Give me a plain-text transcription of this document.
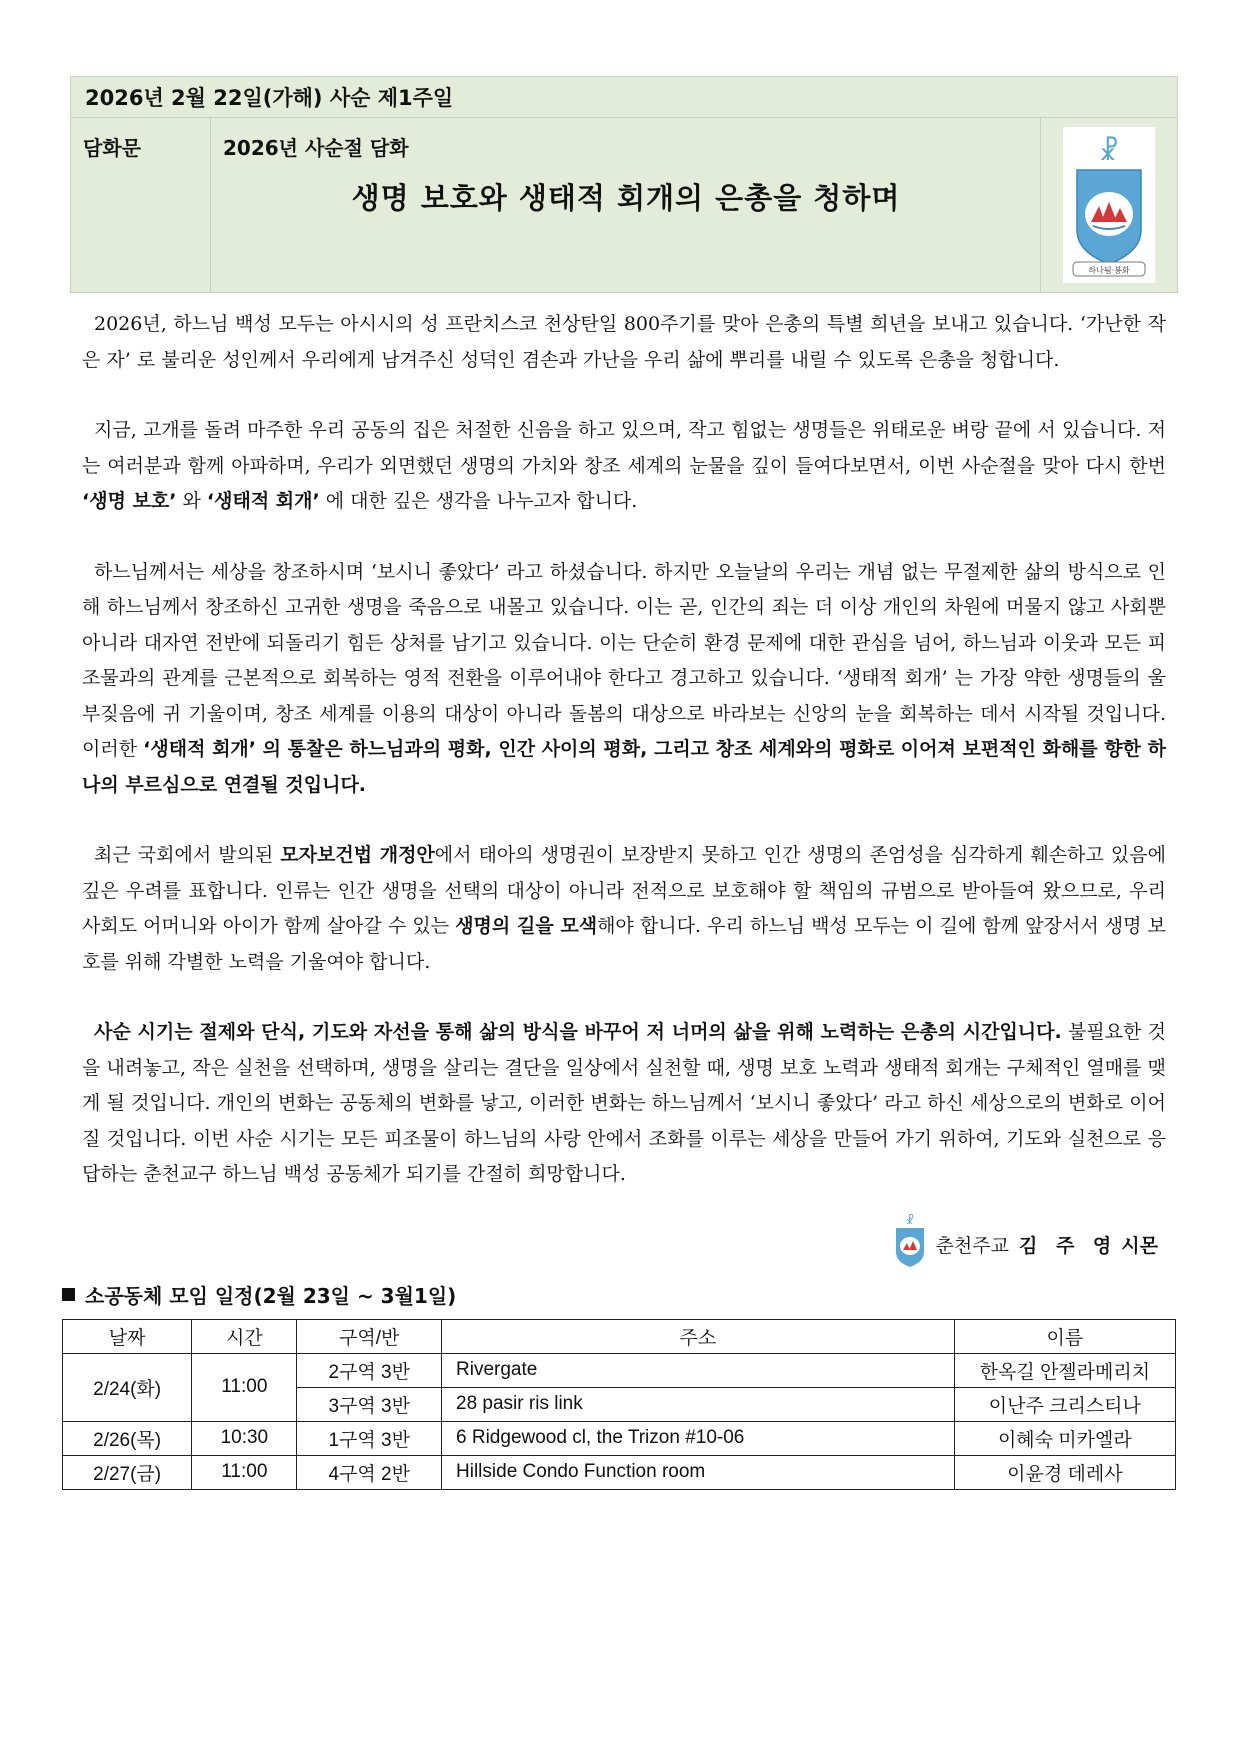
2026년 2월 22일(가해) 사순 제1주일
담화문	2026년 사순절 담화
생명 보호와 생태적 회개의 은총을 청하며
☧
하나됨·봉화

2026년, 하느님 백성 모두는 아시시의 성 프란치스코 천상탄일 800주기를 맞아 은총의 특별 희년을 보내고 있습니다. ‘가난한 작은 자’ 로 불리운 성인께서 우리에게 남겨주신 성덕인 겸손과 가난을 우리 삶에 뿌리를 내릴 수 있도록 은총을 청합니다.

지금, 고개를 돌려 마주한 우리 공동의 집은 처절한 신음을 하고 있으며, 작고 힘없는 생명들은 위태로운 벼랑 끝에 서 있습니다. 저는 여러분과 함께 아파하며, 우리가 외면했던 생명의 가치와 창조 세계의 눈물을 깊이 들여다보면서, 이번 사순절을 맞아 다시 한번 ‘생명 보호’ 와 ‘생태적 회개’ 에 대한 깊은 생각을 나누고자 합니다.

하느님께서는 세상을 창조하시며 ‘보시니 좋았다’ 라고 하셨습니다. 하지만 오늘날의 우리는 개념 없는 무절제한 삶의 방식으로 인해 하느님께서 창조하신 고귀한 생명을 죽음으로 내몰고 있습니다. 이는 곧, 인간의 죄는 더 이상 개인의 차원에 머물지 않고 사회뿐 아니라 대자연 전반에 되돌리기 힘든 상처를 남기고 있습니다. 이는 단순히 환경 문제에 대한 관심을 넘어, 하느님과 이웃과 모든 피조물과의 관계를 근본적으로 회복하는 영적 전환을 이루어내야 한다고 경고하고 있습니다. ‘생태적 회개’ 는 가장 약한 생명들의 울부짖음에 귀 기울이며, 창조 세계를 이용의 대상이 아니라 돌봄의 대상으로 바라보는 신앙의 눈을 회복하는 데서 시작될 것입니다. 이러한 ‘생태적 회개’ 의 통찰은 하느님과의 평화, 인간 사이의 평화, 그리고 창조 세계와의 평화로 이어져 보편적인 화해를 향한 하나의 부르심으로 연결될 것입니다.

최근 국회에서 발의된 모자보건법 개정안에서 태아의 생명권이 보장받지 못하고 인간 생명의 존엄성을 심각하게 훼손하고 있음에 깊은 우려를 표합니다. 인류는 인간 생명을 선택의 대상이 아니라 전적으로 보호해야 할 책임의 규범으로 받아들여 왔으므로, 우리 사회도 어머니와 아이가 함께 살아갈 수 있는 생명의 길을 모색해야 합니다. 우리 하느님 백성 모두는 이 길에 함께 앞장서서 생명 보호를 위해 각별한 노력을 기울여야 합니다.

사순 시기는 절제와 단식, 기도와 자선을 통해 삶의 방식을 바꾸어 저 너머의 삶을 위해 노력하는 은총의 시간입니다. 불필요한 것을 내려놓고, 작은 실천을 선택하며, 생명을 살리는 결단을 일상에서 실천할 때, 생명 보호 노력과 생태적 회개는 구체적인 열매를 맺게 될 것입니다. 개인의 변화는 공동체의 변화를 낳고, 이러한 변화는 하느님께서 ‘보시니 좋았다’ 라고 하신 세상으로의 변화로 이어질 것입니다. 이번 사순 시기는 모든 피조물이 하느님의 사랑 안에서 조화를 이루는 세상을 만들어 가기 위하여, 기도와 실천으로 응답하는 춘천교구 하느님 백성 공동체가 되기를 간절히 희망합니다.

☧
춘천주교 김 주 영 시몬
소공동체 모임 일정(2월 23일 ~ 3월1일)
날짜	시간	구역/반	주소	이름
2/24(화)	11:00	2구역 3반	Rivergate	한옥길 안젤라메리치
		3구역 3반	28 pasir ris link	이난주 크리스티나
2/26(목)	10:30	1구역 3반	6 Ridgewood cl, the Trizon #10-06	이혜숙 미카엘라
2/27(금)	11:00	4구역 2반	Hillside Condo Function room	이윤경 데레사
